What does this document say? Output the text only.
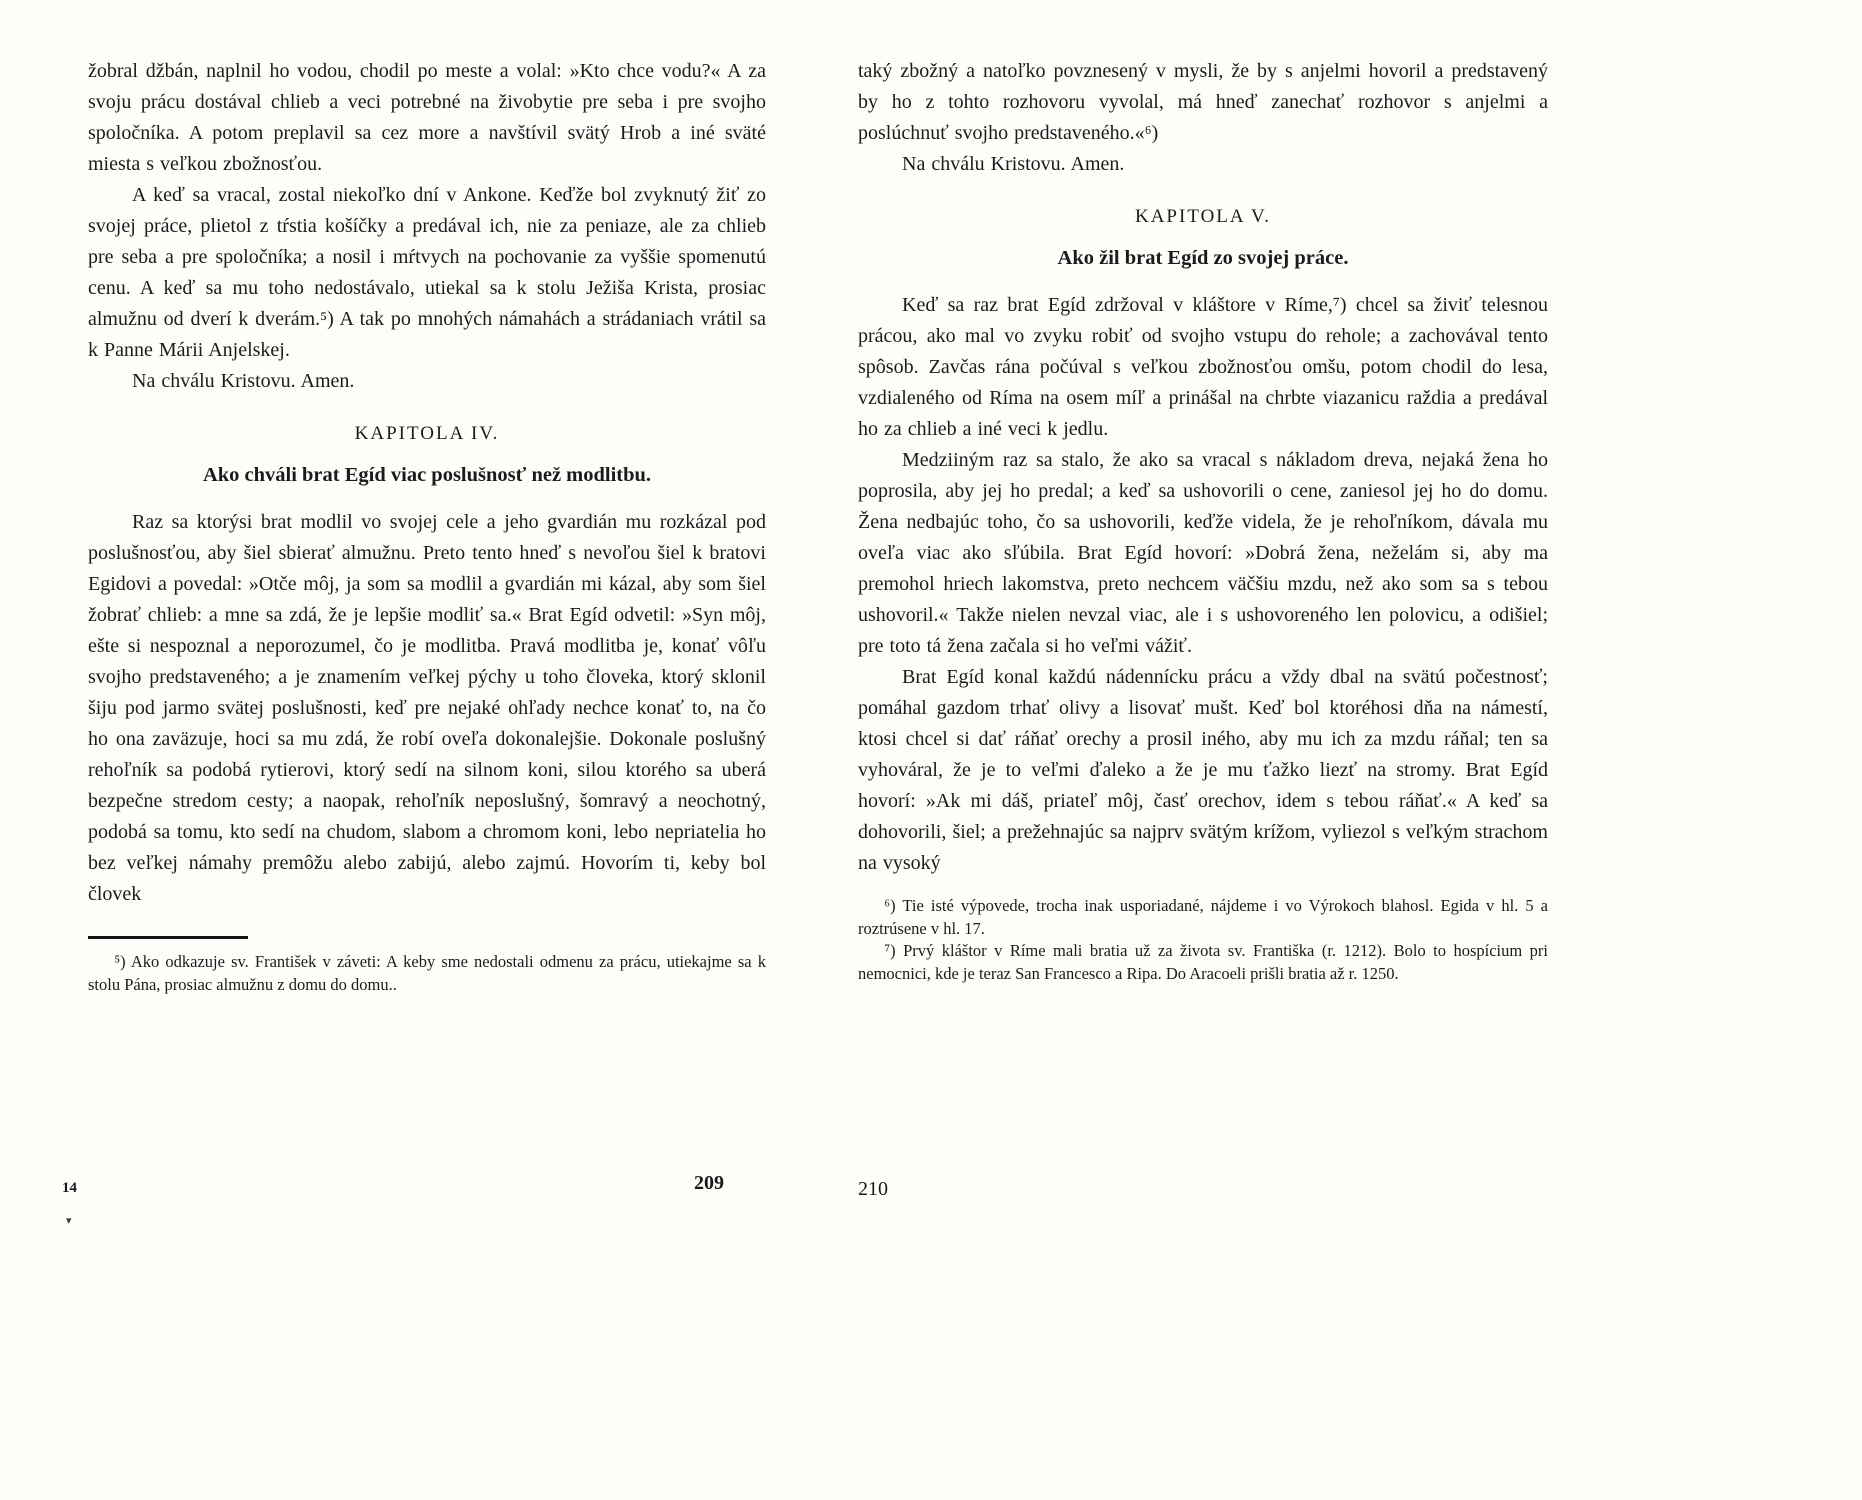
žobral džbán, naplnil ho vodou, chodil po meste a volal: »Kto chce vodu?« A za svoju prácu dostával chlieb a veci potrebné na živobytie pre seba i pre svojho spoločníka. A potom preplavil sa cez more a navštívil svätý Hrob a iné sväté miesta s veľkou zbožnosťou.

A keď sa vracal, zostal niekoľko dní v Ankone. Keďže bol zvyknutý žiť zo svojej práce, plietol z tŕstia košíčky a predával ich, nie za peniaze, ale za chlieb pre seba a pre spoločníka; a nosil i mŕtvych na pochovanie za vyššie spomenutú cenu. A keď sa mu toho nedostávalo, utiekal sa k stolu Ježiša Krista, prosiac almužnu od dverí k dverám.⁵) A tak po mnohých námahách a strádaniach vrátil sa k Panne Márii Anjelskej.

Na chválu Kristovu. Amen.

KAPITOLA IV.
Ako chváli brat Egíd viac poslušnosť než modlitbu.

Raz sa ktorýsi brat modlil vo svojej cele a jeho gvardián mu rozkázal pod poslušnosťou, aby šiel sbierať almužnu. Preto tento hneď s nevoľou šiel k bratovi Egidovi a povedal: »Otče môj, ja som sa modlil a gvardián mi kázal, aby som šiel žobrať chlieb: a mne sa zdá, že je lepšie modliť sa.« Brat Egíd odvetil: »Syn môj, ešte si nespoznal a neporozumel, čo je modlitba. Pravá modlitba je, konať vôľu svojho predstaveného; a je znamením veľkej pýchy u toho človeka, ktorý sklonil šiju pod jarmo svätej poslušnosti, keď pre nejaké ohľady nechce konať to, na čo ho ona zaväzuje, hoci sa mu zdá, že robí oveľa dokonalejšie. Dokonale poslušný rehoľník sa podobá rytierovi, ktorý sedí na silnom koni, silou ktorého sa uberá bezpečne stredom cesty; a naopak, rehoľník neposlušný, šomravý a neochotný, podobá sa tomu, kto sedí na chudom, slabom a chromom koni, lebo nepriatelia ho bez veľkej námahy premôžu alebo zabijú, alebo zajmú. Hovorím ti, keby bol človek

⁵) Ako odkazuje sv. František v záveti: A keby sme nedostali odmenu za prácu, utiekajme sa k stolu Pána, prosiac almužnu z domu do domu..

taký zbožný a natoľko povznesený v mysli, že by s anjelmi hovoril a predstavený by ho z tohto rozhovoru vyvolal, má hneď zanechať rozhovor s anjelmi a poslúchnuť svojho predstaveného.«⁶)

Na chválu Kristovu. Amen.

KAPITOLA V.
Ako žil brat Egíd zo svojej práce.

Keď sa raz brat Egíd zdržoval v kláštore v Ríme,⁷) chcel sa živiť telesnou prácou, ako mal vo zvyku robiť od svojho vstupu do rehole; a zachovával tento spôsob. Zavčas rána počúval s veľkou zbožnosťou omšu, potom chodil do lesa, vzdialeného od Ríma na osem míľ a prinášal na chrbte viazanicu raždia a predával ho za chlieb a iné veci k jedlu.

Medziiným raz sa stalo, že ako sa vracal s nákladom dreva, nejaká žena ho poprosila, aby jej ho predal; a keď sa ushovorili o cene, zaniesol jej ho do domu. Žena nedbajúc toho, čo sa ushovorili, keďže videla, že je rehoľníkom, dávala mu oveľa viac ako sľúbila. Brat Egíd hovorí: »Dobrá žena, neželám si, aby ma premohol hriech lakomstva, preto nechcem väčšiu mzdu, než ako som sa s tebou ushovoril.« Takže nielen nevzal viac, ale i s ushovoreného len polovicu, a odišiel; pre toto tá žena začala si ho veľmi vážiť.

Brat Egíd konal každú nádennícku prácu a vždy dbal na svätú počestnosť; pomáhal gazdom trhať olivy a lisovať mušt. Keď bol ktoréhosi dňa na námestí, ktosi chcel si dať ráňať orechy a prosil iného, aby mu ich za mzdu ráňal; ten sa vyhováral, že je to veľmi ďaleko a že je mu ťažko liezť na stromy. Brat Egíd hovorí: »Ak mi dáš, priateľ môj, časť orechov, idem s tebou ráňať.« A keď sa dohovorili, šiel; a prežehnajúc sa najprv svätým krížom, vyliezol s veľkým strachom na vysoký

⁶) Tie isté výpovede, trocha inak usporiadané, nájdeme i vo Výrokoch blahosl. Egida v hl. 5 a roztrúsene v hl. 17.

⁷) Prvý kláštor v Ríme mali bratia už za života sv. Františka (r. 1212). Bolo to hospícium pri nemocnici, kde je teraz San Francesco a Ripa. Do Aracoeli prišli bratia až r. 1250.

14	209	210
▾
